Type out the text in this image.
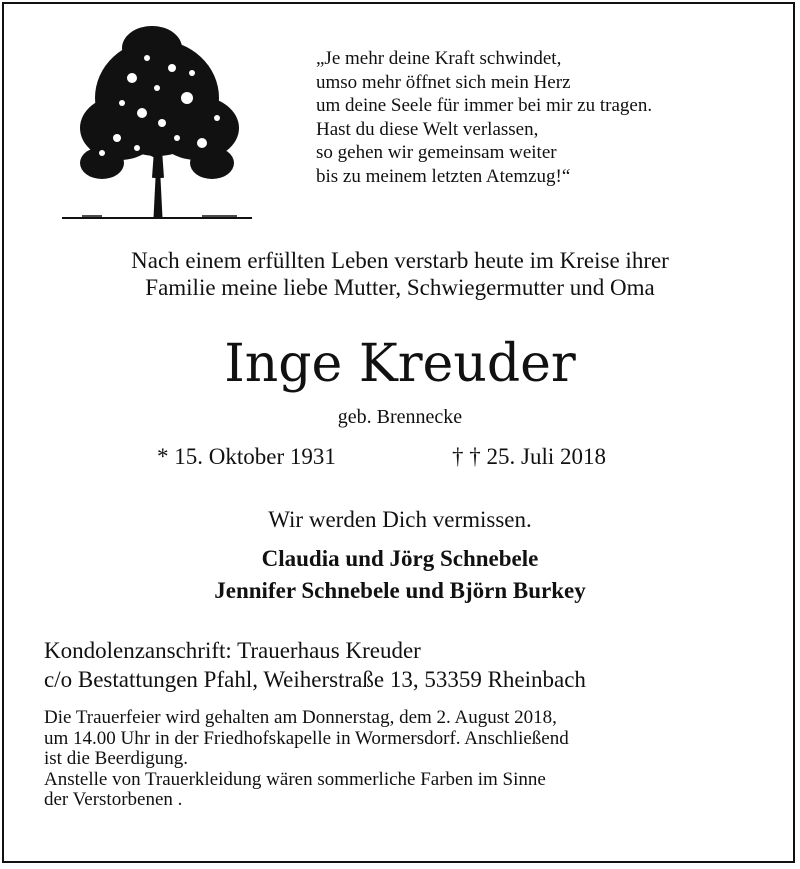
„Je mehr deine Kraft schwindet,
umso mehr öffnet sich mein Herz
um deine Seele für immer bei mir zu tragen.
Hast du diese Welt verlassen,
so gehen wir gemeinsam weiter
bis zu meinem letzten Atemzug!“
Nach einem erfüllten Leben verstarb heute im Kreise ihrer
Familie meine liebe Mutter, Schwiegermutter und Oma
Inge Kreuder
geb. Brennecke
* 15. Oktober 1931	† † 25. Juli 2018
Wir werden Dich vermissen.
Claudia und Jörg Schnebele
Jennifer Schnebele und Björn Burkey
Kondolenzanschrift: Trauerhaus Kreuder
c/o Bestattungen Pfahl, Weiherstraße 13, 53359 Rheinbach
Die Trauerfeier wird gehalten am Donnerstag, dem 2. August 2018,
um 14.00 Uhr in der Friedhofskapelle in Wormersdorf. Anschließend
ist die Beerdigung.
Anstelle von Trauerkleidung wären sommerliche Farben im Sinne
der Verstorbenen .
